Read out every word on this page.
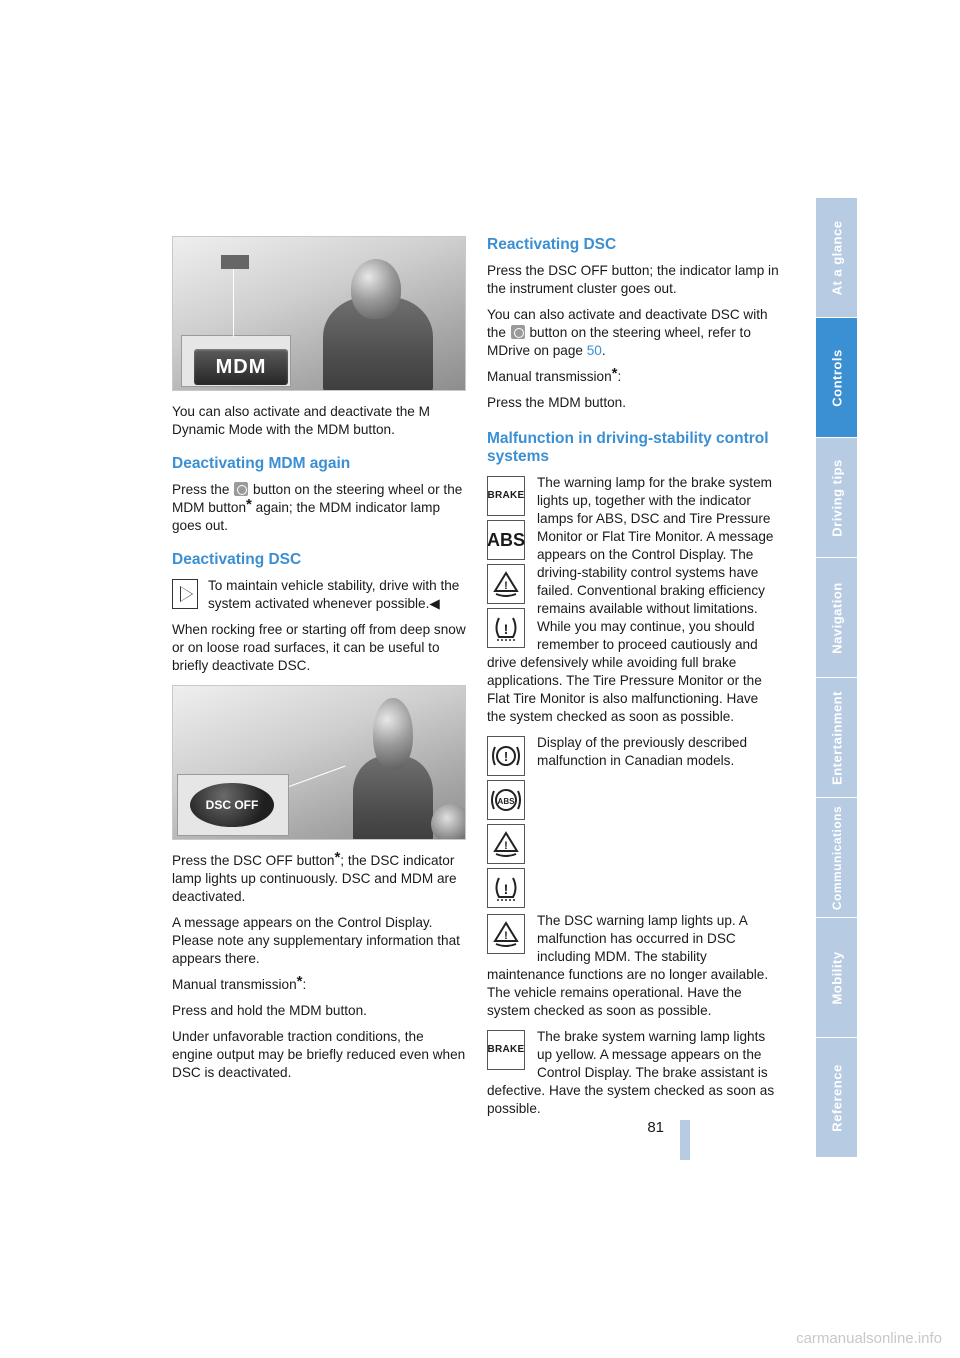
MDM

You can also activate and deactivate the M Dynamic Mode with the MDM button.

Deactivating MDM again

Press the button on the steering wheel or the MDM button* again; the MDM indicator lamp goes out.

Deactivating DSC

To maintain vehicle stability, drive with the system activated whenever possible.◀

When rocking free or starting off from deep snow or on loose road surfaces, it can be useful to briefly deactivate DSC.

DSC OFF

Press the DSC OFF button*; the DSC indicator lamp lights up continuously. DSC and MDM are deactivated.

A message appears on the Control Display. Please note any supplementary information that appears there.

Manual transmission*:

Press and hold the MDM button.

Under unfavorable traction conditions, the engine output may be briefly reduced even when DSC is deactivated.

Reactivating DSC

Press the DSC OFF button; the indicator lamp in the instrument cluster goes out.

You can also activate and deactivate DSC with the button on the steering wheel, refer to MDrive on page 50.

Manual transmission*:

Press the MDM button.

Malfunction in driving-stability control systems
BRAKE
ABS
!
!

The warning lamp for the brake system lights up, together with the indicator lamps for ABS, DSC and Tire Pressure Monitor or Flat Tire Monitor. A message appears on the Control Display. The driving-stability control systems have failed. Conventional braking efficiency remains available without limitations. While you may continue, you should remember to proceed cautiously and drive defensively while avoiding full brake applications. The Tire Pressure Monitor or the Flat Tire Monitor is also malfunctioning. Have the system checked as soon as possible.

!
ABS
!
!

Display of the previously described malfunction in Canadian models.

!

The DSC warning lamp lights up. A malfunction has occurred in DSC including MDM. The stability maintenance functions are no longer available. The vehicle remains operational. Have the system checked as soon as possible.

BRAKE

The brake system warning lamp lights up yellow. A message appears on the Control Display. The brake assistant is defective. Have the system checked as soon as possible.

At a glance
Controls
Driving tips
Navigation
Entertainment
Communications
Mobility
Reference
81
carmanualsonline.info
